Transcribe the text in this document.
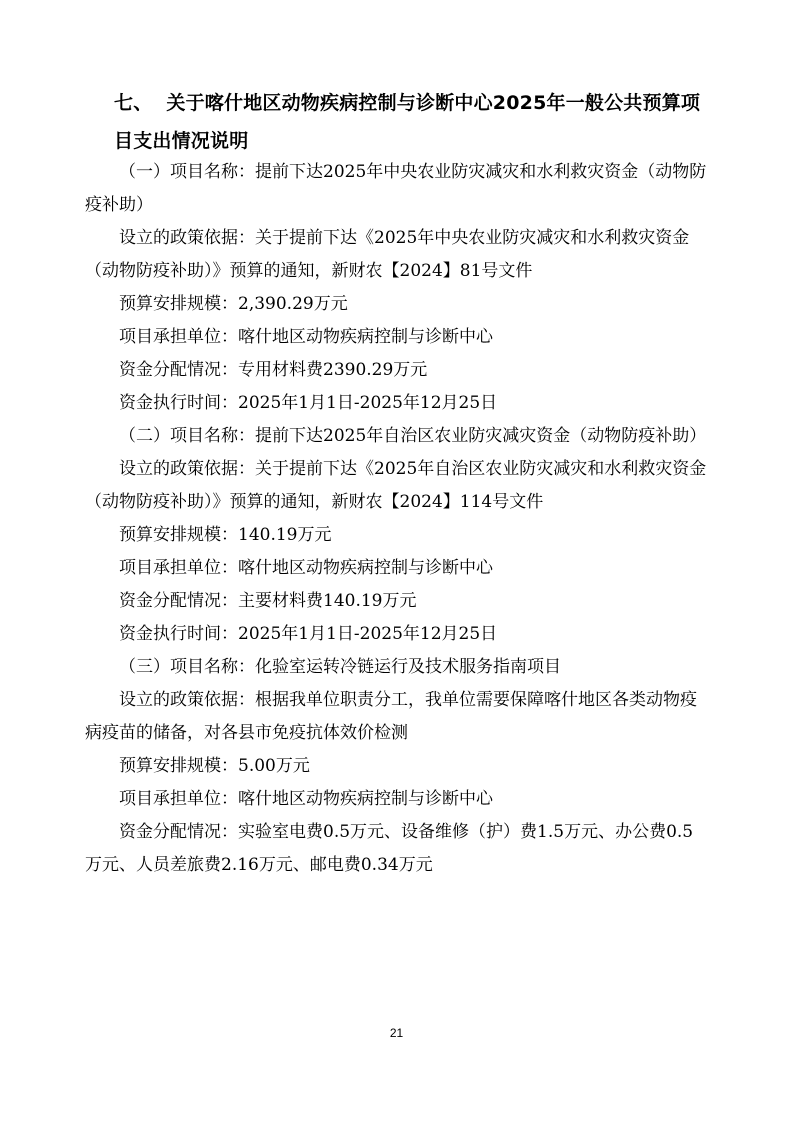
七、 关于喀什地区动物疾病控制与诊断中心2025年一般公共预算项目支出情况说明

（一）项目名称：提前下达2025年中央农业防灾减灾和水利救灾资金（动物防疫补助）

设立的政策依据：关于提前下达《2025年中央农业防灾减灾和水利救灾资金（动物防疫补助）》预算的通知，新财农【2024】81号文件

预算安排规模：2,390.29万元

项目承担单位：喀什地区动物疾病控制与诊断中心

资金分配情况：专用材料费2390.29万元

资金执行时间：2025年1月1日-2025年12月25日

（二）项目名称：提前下达2025年自治区农业防灾减灾资金（动物防疫补助）

设立的政策依据：关于提前下达《2025年自治区农业防灾减灾和水利救灾资金（动物防疫补助）》预算的通知，新财农【2024】114号文件

预算安排规模：140.19万元

项目承担单位：喀什地区动物疾病控制与诊断中心

资金分配情况：主要材料费140.19万元

资金执行时间：2025年1月1日-2025年12月25日

（三）项目名称：化验室运转冷链运行及技术服务指南项目

设立的政策依据：根据我单位职责分工，我单位需要保障喀什地区各类动物疫病疫苗的储备，对各县市免疫抗体效价检测

预算安排规模：5.00万元

项目承担单位：喀什地区动物疾病控制与诊断中心

资金分配情况：实验室电费0.5万元、设备维修（护）费1.5万元、办公费0.5万元、人员差旅费2.16万元、邮电费0.34万元

21
